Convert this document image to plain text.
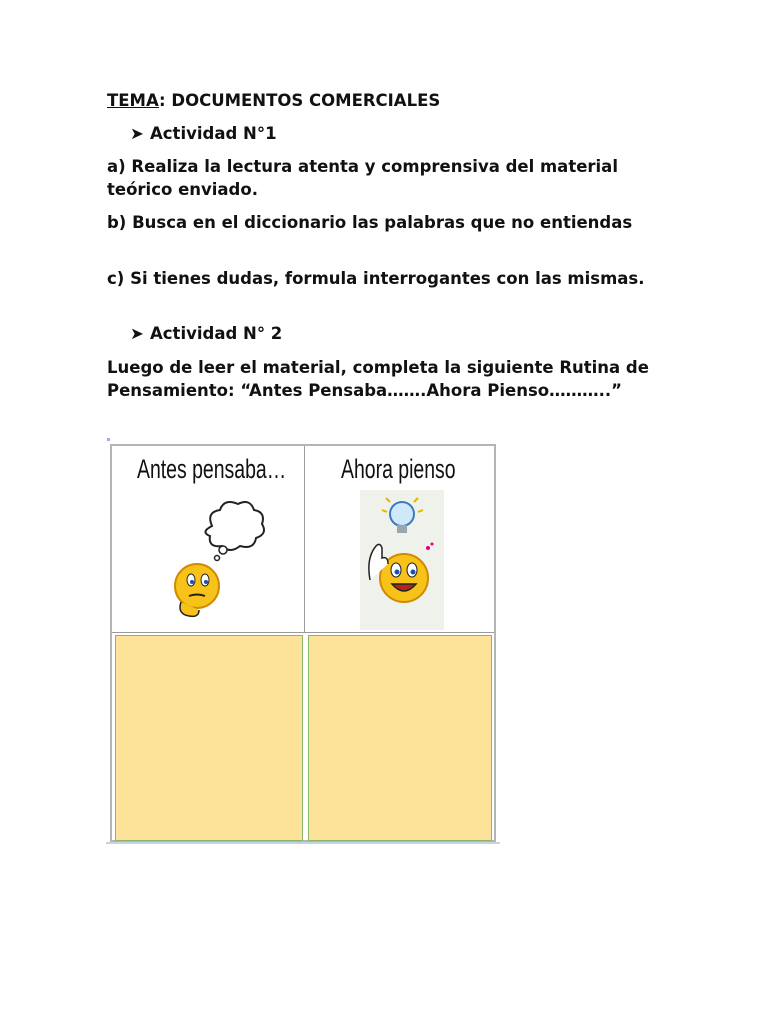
TEMA: DOCUMENTOS COMERCIALES

➤ Actividad N°1

a) Realiza la lectura atenta y comprensiva del material teórico enviado.

b) Busca en el diccionario las palabras que no entiendas

c) Si tienes dudas, formula interrogantes con las mismas.

➤ Actividad N° 2

Luego de leer el material, completa la siguiente Rutina de Pensamiento: “Antes Pensaba…….Ahora Pienso………..”

Antes pensaba… Ahora pienso
